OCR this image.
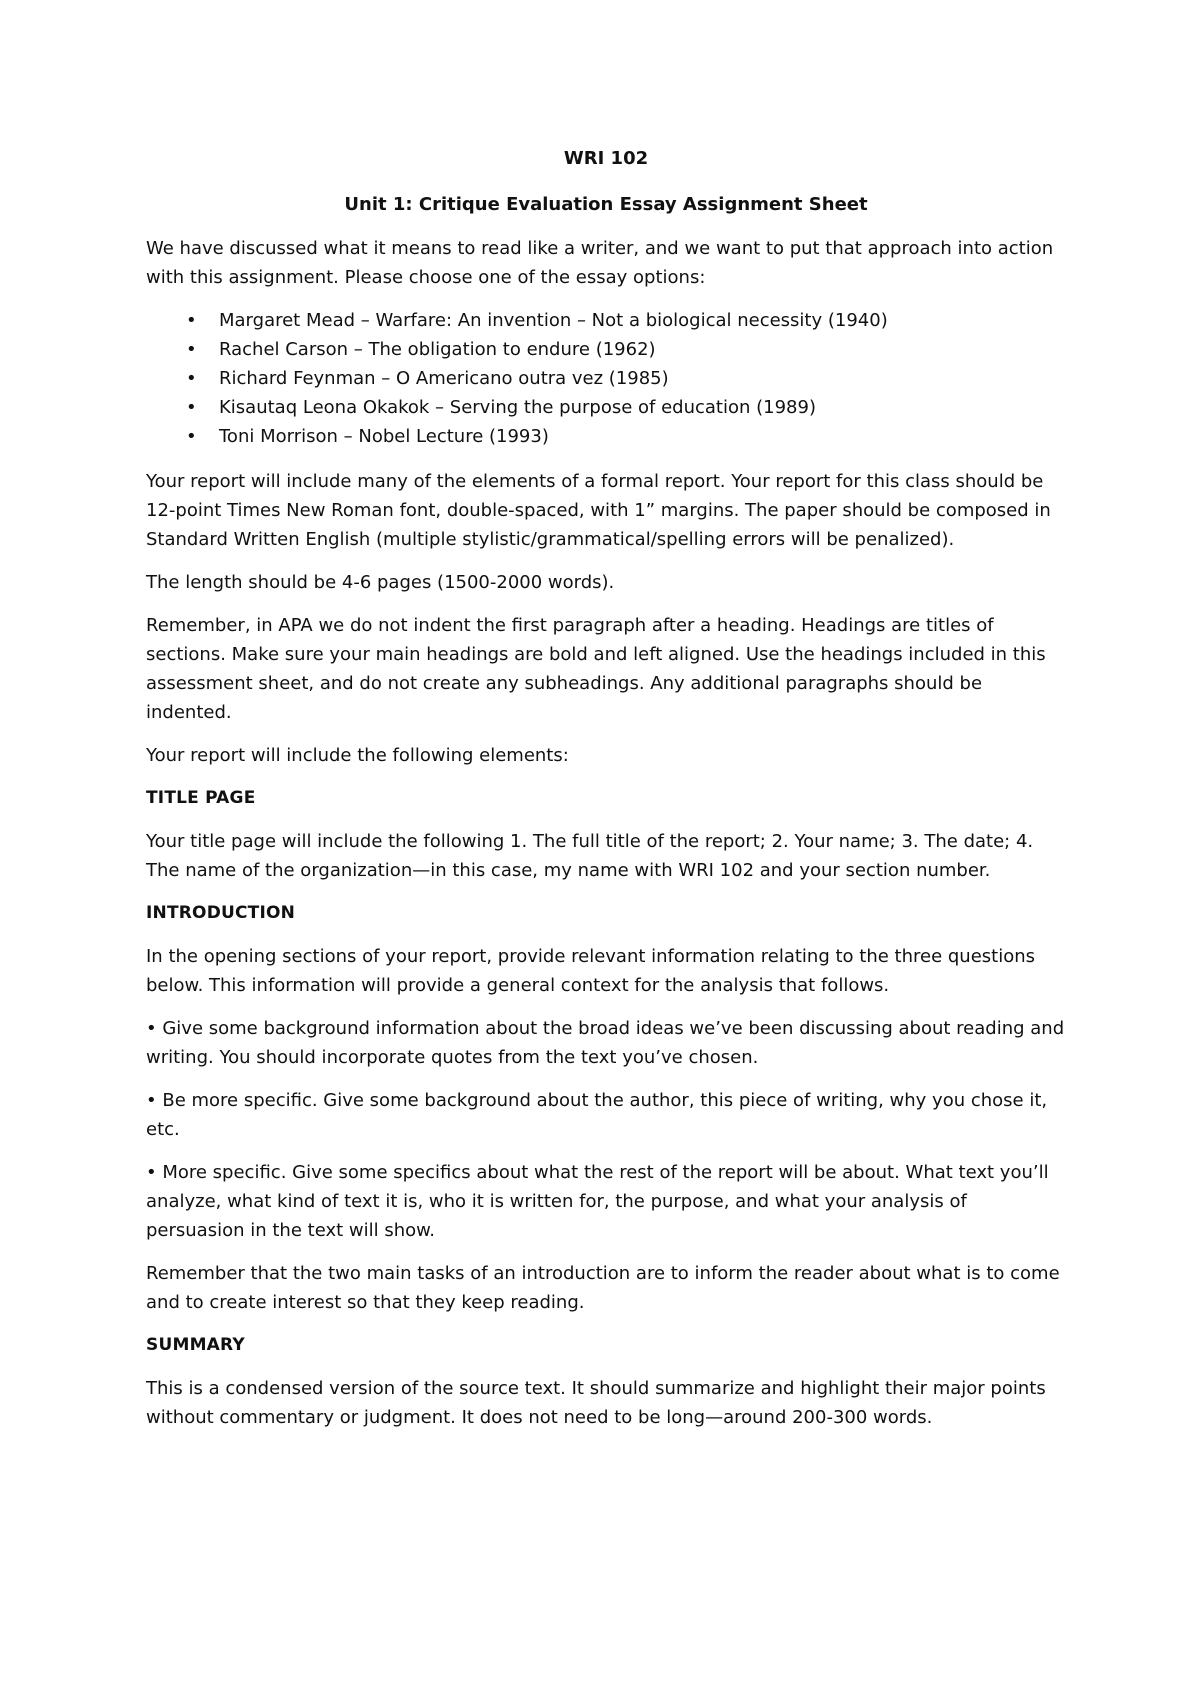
WRI 102
Unit 1: Critique Evaluation Essay Assignment Sheet

We have discussed what it means to read like a writer, and we want to put that approach into action with this assignment. Please choose one of the essay options:

• Margaret Mead – Warfare: An invention – Not a biological necessity (1940)
• Rachel Carson – The obligation to endure (1962)
• Richard Feynman – O Americano outra vez (1985)
• Kisautaq Leona Okakok – Serving the purpose of education (1989)
• Toni Morrison – Nobel Lecture (1993)

Your report will include many of the elements of a formal report. Your report for this class should be 12-point Times New Roman font, double-spaced, with 1” margins. The paper should be composed in Standard Written English (multiple stylistic/grammatical/spelling errors will be penalized).

The length should be 4-6 pages (1500-2000 words).

Remember, in APA we do not indent the first paragraph after a heading. Headings are titles of sections. Make sure your main headings are bold and left aligned. Use the headings included in this assessment sheet, and do not create any subheadings. Any additional paragraphs should be indented.

Your report will include the following elements:

TITLE PAGE

Your title page will include the following 1. The full title of the report; 2. Your name; 3. The date; 4. The name of the organization—in this case, my name with WRI 102 and your section number.

INTRODUCTION

In the opening sections of your report, provide relevant information relating to the three questions below. This information will provide a general context for the analysis that follows.

• Give some background information about the broad ideas we’ve been discussing about reading and writing. You should incorporate quotes from the text you’ve chosen.

• Be more specific. Give some background about the author, this piece of writing, why you chose it, etc.

• More specific. Give some specifics about what the rest of the report will be about. What text you’ll analyze, what kind of text it is, who it is written for, the purpose, and what your analysis of persuasion in the text will show.

Remember that the two main tasks of an introduction are to inform the reader about what is to come and to create interest so that they keep reading.

SUMMARY

This is a condensed version of the source text. It should summarize and highlight their major points without commentary or judgment. It does not need to be long—around 200-300 words.
